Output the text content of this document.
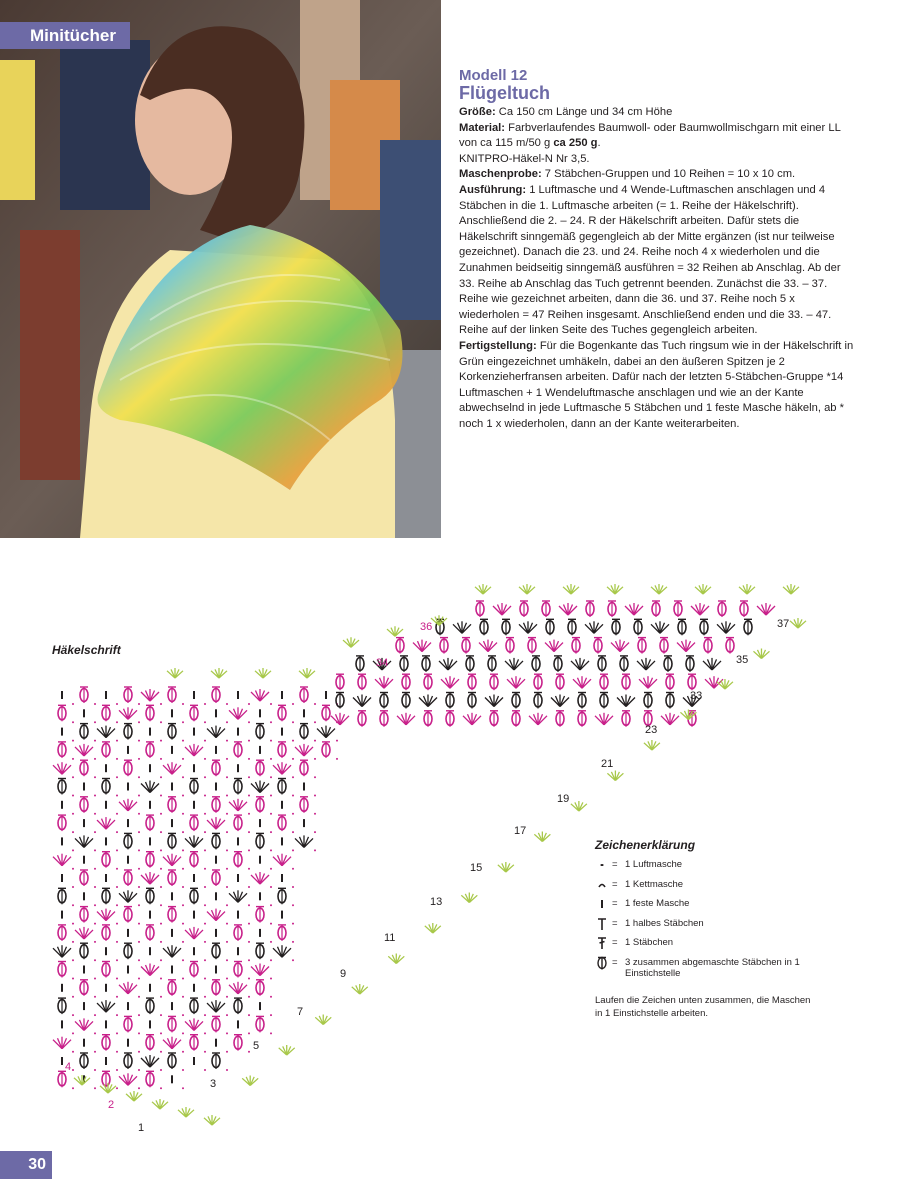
Minitücher
Modell 12
Flügeltuch

Größe: Ca 150 cm Länge und 34 cm Höhe

Material: Farbverlaufendes Baumwoll- oder Baumwollmischgarn mit einer LL von ca 115 m/50 g ca 250 g.

KNITPRO-Häkel-N Nr 3,5.

Maschenprobe: 7 Stäbchen-Gruppen und 10 Reihen = 10 x 10 cm.

Ausführung: 1 Luftmasche und 4 Wende-Luftmaschen anschlagen und 4 Stäbchen in die 1. Luftmasche arbeiten (= 1. Reihe der Häkelschrift). Anschließend die 2. – 24. R der Häkelschrift arbeiten. Dafür stets die Häkelschrift sinngemäß gegengleich ab der Mitte ergänzen (ist nur teilweise gezeichnet). Danach die 23. und 24. Reihe noch 4 x wiederholen und die Zunahmen beidseitig sinngemäß ausführen = 32 Reihen ab Anschlag. Ab der 33. Reihe ab Anschlag das Tuch getrennt beenden. Zunächst die 33. – 37. Reihe wie gezeichnet arbeiten, dann die 36. und 37. Reihe noch 5 x wiederholen = 47 Reihen insgesamt. Anschließend enden und die 33. – 47. Reihe auf der linken Seite des Tuches gegengleich arbeiten.

Fertigstellung: Für die Bogenkante das Tuch ringsum wie in der Häkelschrift in Grün eingezeichnet umhäkeln, dabei an den äußeren Spitzen je 2 Korkenzieherfransen arbeiten. Dafür nach der letzten 5-Stäbchen-Gruppe *14 Luftmaschen + 1 Wendeluftmasche anschlagen und wie an der Kante abwechselnd in jede Luftmasche 5 Stäbchen und 1 feste Masche häkeln, ab * noch 1 x wiederholen, dann an der Kante weiterarbeiten.

Häkelschrift
1
3
5
7
9
11
13
15
17
19
21
23
33
35
37
2
4
34
36
Zeichenerklärung
= 1 Luftmasche
= 1 Kettmasche
= 1 feste Masche
= 1 halbes Stäbchen
= 1 Stäbchen
= 3 zusammen abgemaschte Stäbchen in 1 Einstichstelle
Laufen die Zeichen unten zusammen, die Maschen in 1 Einstichstelle arbeiten.
30
